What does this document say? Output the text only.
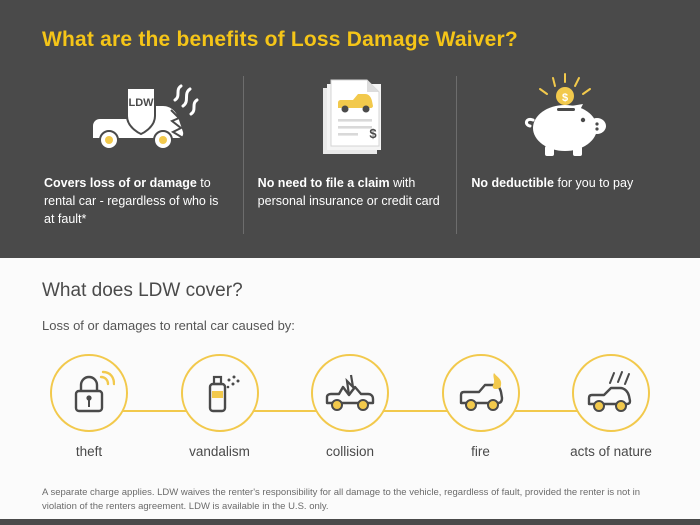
What are the benefits of Loss Damage Waiver?
LDW
Covers loss of or damage to rental car - regardless of who is at fault*
$
No need to file a claim with personal insurance or credit card
$
No deductible for you to pay
What does LDW cover?
Loss of or damages to rental car caused by:
theft	vandalism	collision	fire	acts of nature
A separate charge applies. LDW waives the renter's responsibility for all damage to the vehicle, regardless of fault, provided the renter is not in violation of the renters agreement. LDW is available in the U.S. only.
